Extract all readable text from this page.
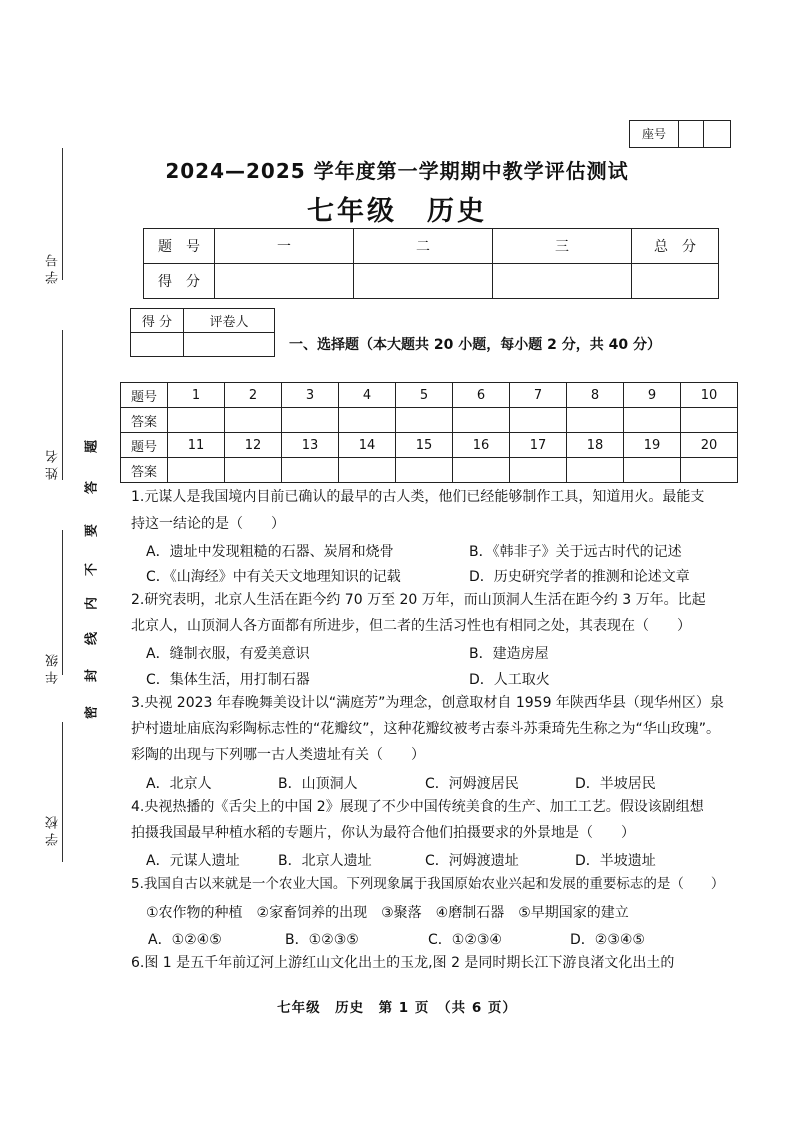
座号
学号
姓名
年级
学校
题
答
要
不
内
线
封
密
2024—2025 学年度第一学期期中教学评估测试
七年级　历史
题　号	一	二	三	总　分
得　分				
得 分	评卷人

一、选择题（本大题共 20 小题，每小题 2 分，共 40 分）
题号	1	2	3	4	5	6	7	8	9	10
答案										
题号	11	12	13	14	15	16	17	18	19	20
答案										
1.元谋人是我国境内目前已确认的最早的古人类，他们已经能够制作工具，知道用火。最能支
持这一结论的是（　　）
A．遗址中发现粗糙的石器、炭屑和烧骨	B．《韩非子》关于远古时代的记述
C．《山海经》中有关天文地理知识的记载	D．历史研究学者的推测和论述文章
2.研究表明，北京人生活在距今约 70 万至 20 万年，而山顶洞人生活在距今约 3 万年。比起
北京人，山顶洞人各方面都有所进步，但二者的生活习性也有相同之处，其表现在（　　）
A．缝制衣服，有爱美意识	B．建造房屋
C．集体生活，用打制石器	D．人工取火
3.央视 2023 年春晚舞美设计以“满庭芳”为理念，创意取材自 1959 年陕西华县（现华州区）泉
护村遗址庙底沟彩陶标志性的“花瓣纹”，这种花瓣纹被考古泰斗苏秉琦先生称之为“华山玫瑰”。
彩陶的出现与下列哪一古人类遗址有关（　　）
A．北京人	B．山顶洞人	C．河姆渡居民	D．半坡居民
4.央视热播的《舌尖上的中国 2》展现了不少中国传统美食的生产、加工工艺。假设该剧组想
拍摄我国最早种植水稻的专题片，你认为最符合他们拍摄要求的外景地是（　　）
A．元谋人遗址	B．北京人遗址	C．河姆渡遗址	D．半坡遗址
5.我国自古以来就是一个农业大国。下列现象属于我国原始农业兴起和发展的重要标志的是（　　）
①农作物的种植　②家畜饲养的出现　③聚落　④磨制石器　⑤早期国家的建立
A．①②④⑤	B．①②③⑤	C．①②③④	D．②③④⑤
6.图 1 是五千年前辽河上游红山文化出土的玉龙,图 2 是同时期长江下游良渚文化出土的
七年级　历史　第 1 页　（共 6 页）
